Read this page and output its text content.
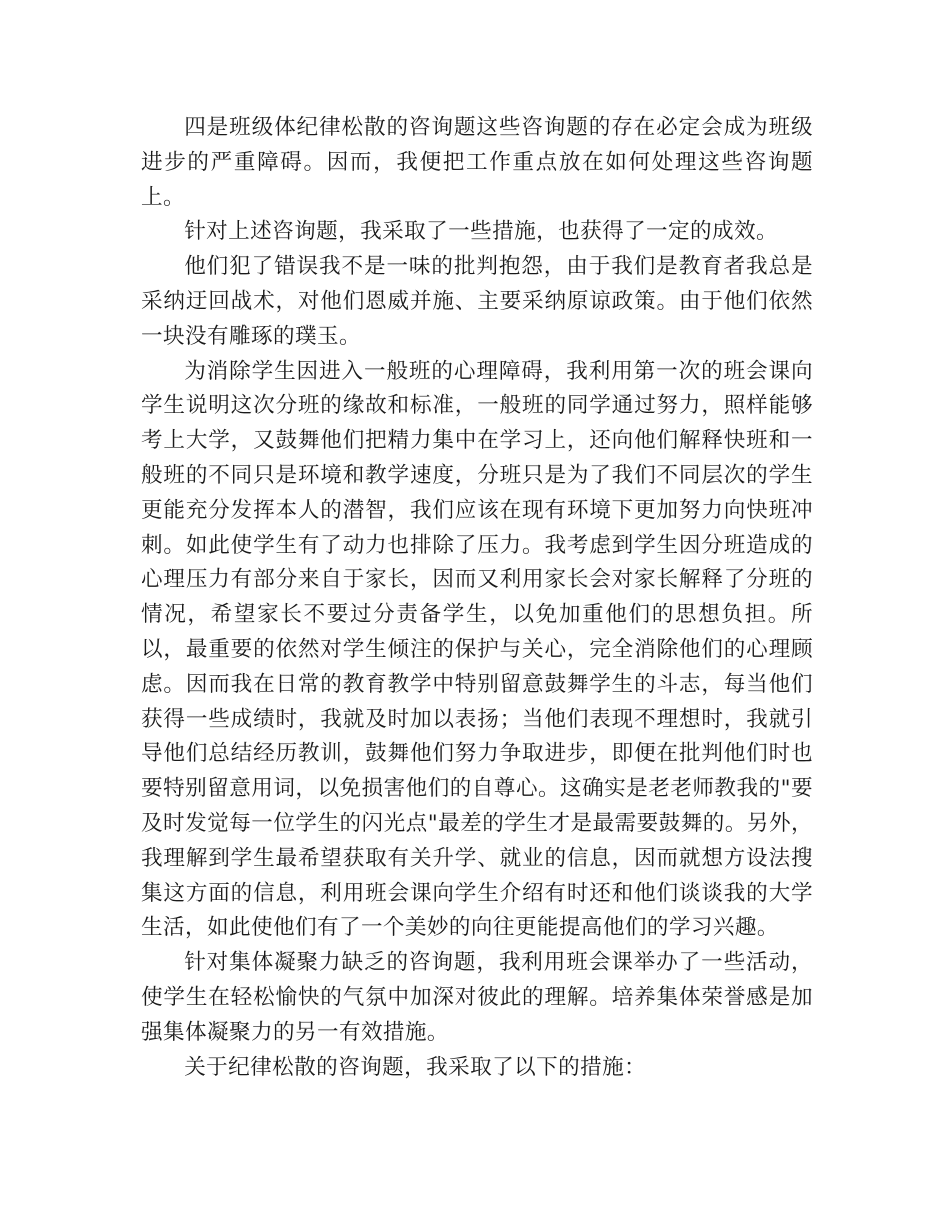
四是班级体纪律松散的咨询题这些咨询题的存在必定会成为班级进步的严重障碍。因而，我便把工作重点放在如何处理这些咨询题上。

针对上述咨询题，我采取了一些措施，也获得了一定的成效。

他们犯了错误我不是一味的批判抱怨，由于我们是教育者我总是采纳迂回战术，对他们恩威并施、主要采纳原谅政策。由于他们依然一块没有雕琢的璞玉。

为消除学生因进入一般班的心理障碍，我利用第一次的班会课向学生说明这次分班的缘故和标准，一般班的同学通过努力，照样能够考上大学，又鼓舞他们把精力集中在学习上，还向他们解释快班和一般班的不同只是环境和教学速度，分班只是为了我们不同层次的学生更能充分发挥本人的潜智，我们应该在现有环境下更加努力向快班冲刺。如此使学生有了动力也排除了压力。我考虑到学生因分班造成的心理压力有部分来自于家长，因而又利用家长会对家长解释了分班的情况，希望家长不要过分责备学生，以免加重他们的思想负担。所以，最重要的依然对学生倾注的保护与关心，完全消除他们的心理顾虑。因而我在日常的教育教学中特别留意鼓舞学生的斗志，每当他们获得一些成绩时，我就及时加以表扬；当他们表现不理想时，我就引导他们总结经历教训，鼓舞他们努力争取进步，即便在批判他们时也要特别留意用词，以免损害他们的自尊心。这确实是老老师教我的"要及时发觉每一位学生的闪光点"最差的学生才是最需要鼓舞的。另外，我理解到学生最希望获取有关升学、就业的信息，因而就想方设法搜集这方面的信息，利用班会课向学生介绍有时还和他们谈谈我的大学生活，如此使他们有了一个美妙的向往更能提高他们的学习兴趣。

针对集体凝聚力缺乏的咨询题，我利用班会课举办了一些活动，使学生在轻松愉快的气氛中加深对彼此的理解。培养集体荣誉感是加强集体凝聚力的另一有效措施。

关于纪律松散的咨询题，我采取了以下的措施：
